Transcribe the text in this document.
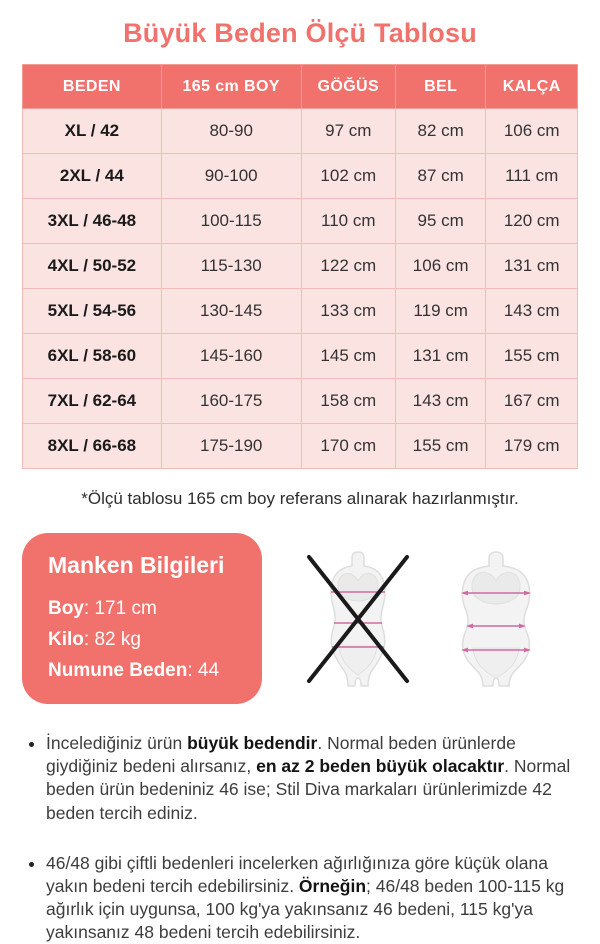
Büyük Beden Ölçü Tablosu
BEDEN	165 cm BOY	GÖĞÜS	BEL	KALÇA
XL / 42	80-90	97 cm	82 cm	106 cm
2XL / 44	90-100	102 cm	87 cm	111 cm
3XL / 46-48	100-115	110 cm	95 cm	120 cm
4XL / 50-52	115-130	122 cm	106 cm	131 cm
5XL / 54-56	130-145	133 cm	119 cm	143 cm
6XL / 58-60	145-160	145 cm	131 cm	155 cm
7XL / 62-64	160-175	158 cm	143 cm	167 cm
8XL / 66-68	175-190	170 cm	155 cm	179 cm
*Ölçü tablosu 165 cm boy referans alınarak hazırlanmıştır.
Manken Bilgileri
Boy: 171 cm
Kilo: 82 kg
Numune Beden: 44
• İncelediğiniz ürün büyük bedendir. Normal beden ürünlerde giydiğiniz bedeni alırsanız, en az 2 beden büyük olacaktır. Normal beden ürün bedeniniz 46 ise; Stil Diva markaları ürünlerimizde 42 beden tercih ediniz.
• 46/48 gibi çiftli bedenleri incelerken ağırlığınıza göre küçük olana yakın bedeni tercih edebilirsiniz. Örneğin; 46/48 beden 100-115 kg ağırlık için uygunsa, 100 kg'ya yakınsanız 46 bedeni, 115 kg'ya yakınsanız 48 bedeni tercih edebilirsiniz.
